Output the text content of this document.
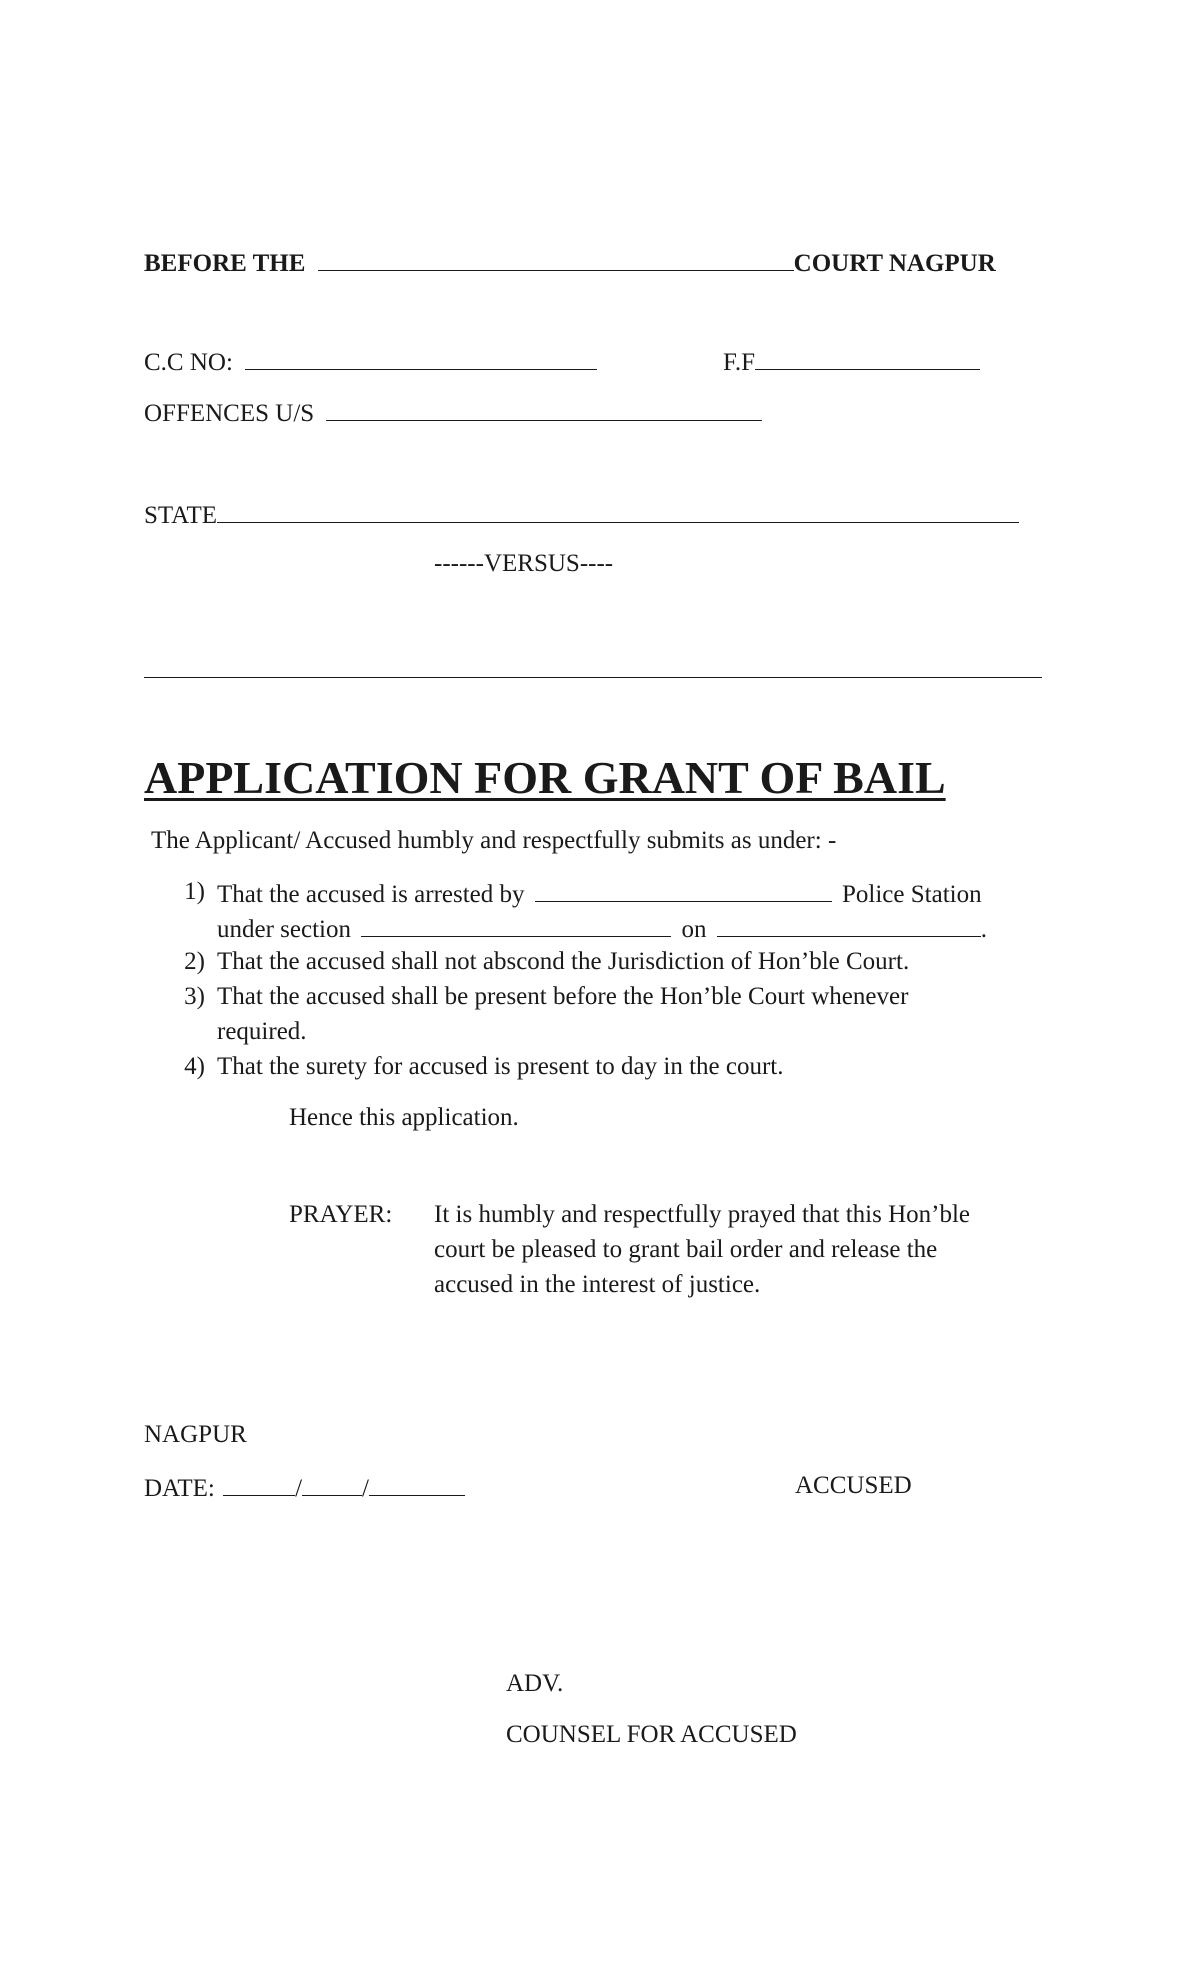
BEFORE THE	COURT NAGPUR
C.C NO:	F.F
OFFENCES U/S
STATE
------VERSUS----
APPLICATION FOR GRANT OF BAIL
The Applicant/ Accused humbly and respectfully submits as under: -
1) That the accused is arrested by	Police Station
under section	on	.
2) That the accused shall not abscond the Jurisdiction of Hon’ble Court.
3) That the accused shall be present before the Hon’ble Court whenever
required.
4) That the surety for accused is present to day in the court.
Hence this application.
PRAYER: It is humbly and respectfully prayed that this Hon’ble
court be pleased to grant bail order and release the
accused in the interest of justice.
NAGPUR
DATE:	/ /	ACCUSED
ADV.
COUNSEL FOR ACCUSED
